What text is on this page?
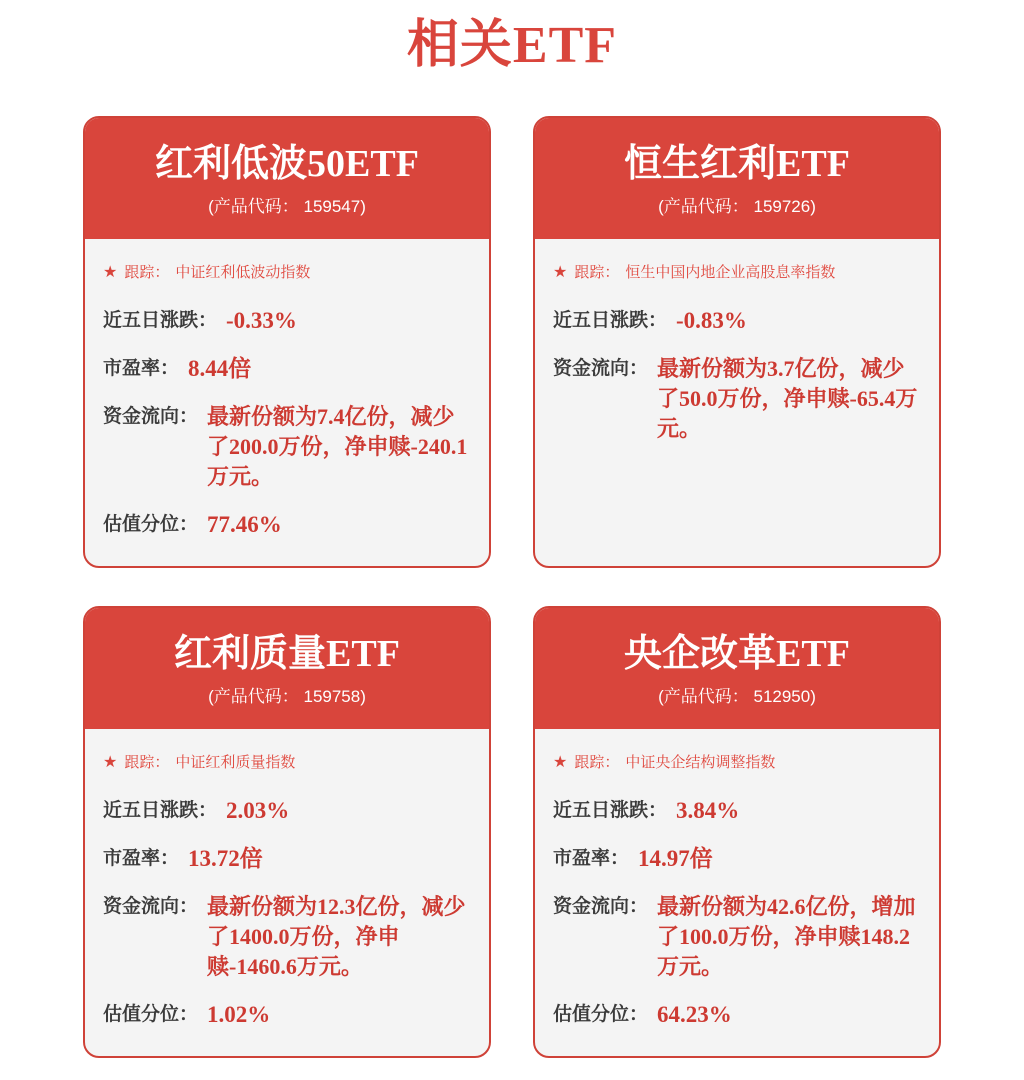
相关ETF
红利低波50ETF
(产品代码： 159547)
★ 跟踪： 中证红利低波动指数
近五日涨跌： -0.33%
市盈率： 8.44倍
资金流向： 最新份额为7.4亿份，减少了200.0万份，净申赎-240.1万元。
估值分位： 77.46%
恒生红利ETF
(产品代码： 159726)
★ 跟踪： 恒生中国内地企业高股息率指数
近五日涨跌： -0.83%
资金流向： 最新份额为3.7亿份，减少了50.0万份，净申赎-65.4万元。
红利质量ETF
(产品代码： 159758)
★ 跟踪： 中证红利质量指数
近五日涨跌： 2.03%
市盈率： 13.72倍
资金流向： 最新份额为12.3亿份，减少了1400.0万份，净申赎-1460.6万元。
估值分位： 1.02%
央企改革ETF
(产品代码： 512950)
★ 跟踪： 中证央企结构调整指数
近五日涨跌： 3.84%
市盈率： 14.97倍
资金流向： 最新份额为42.6亿份，增加了100.0万份，净申赎148.2万元。
估值分位： 64.23%
